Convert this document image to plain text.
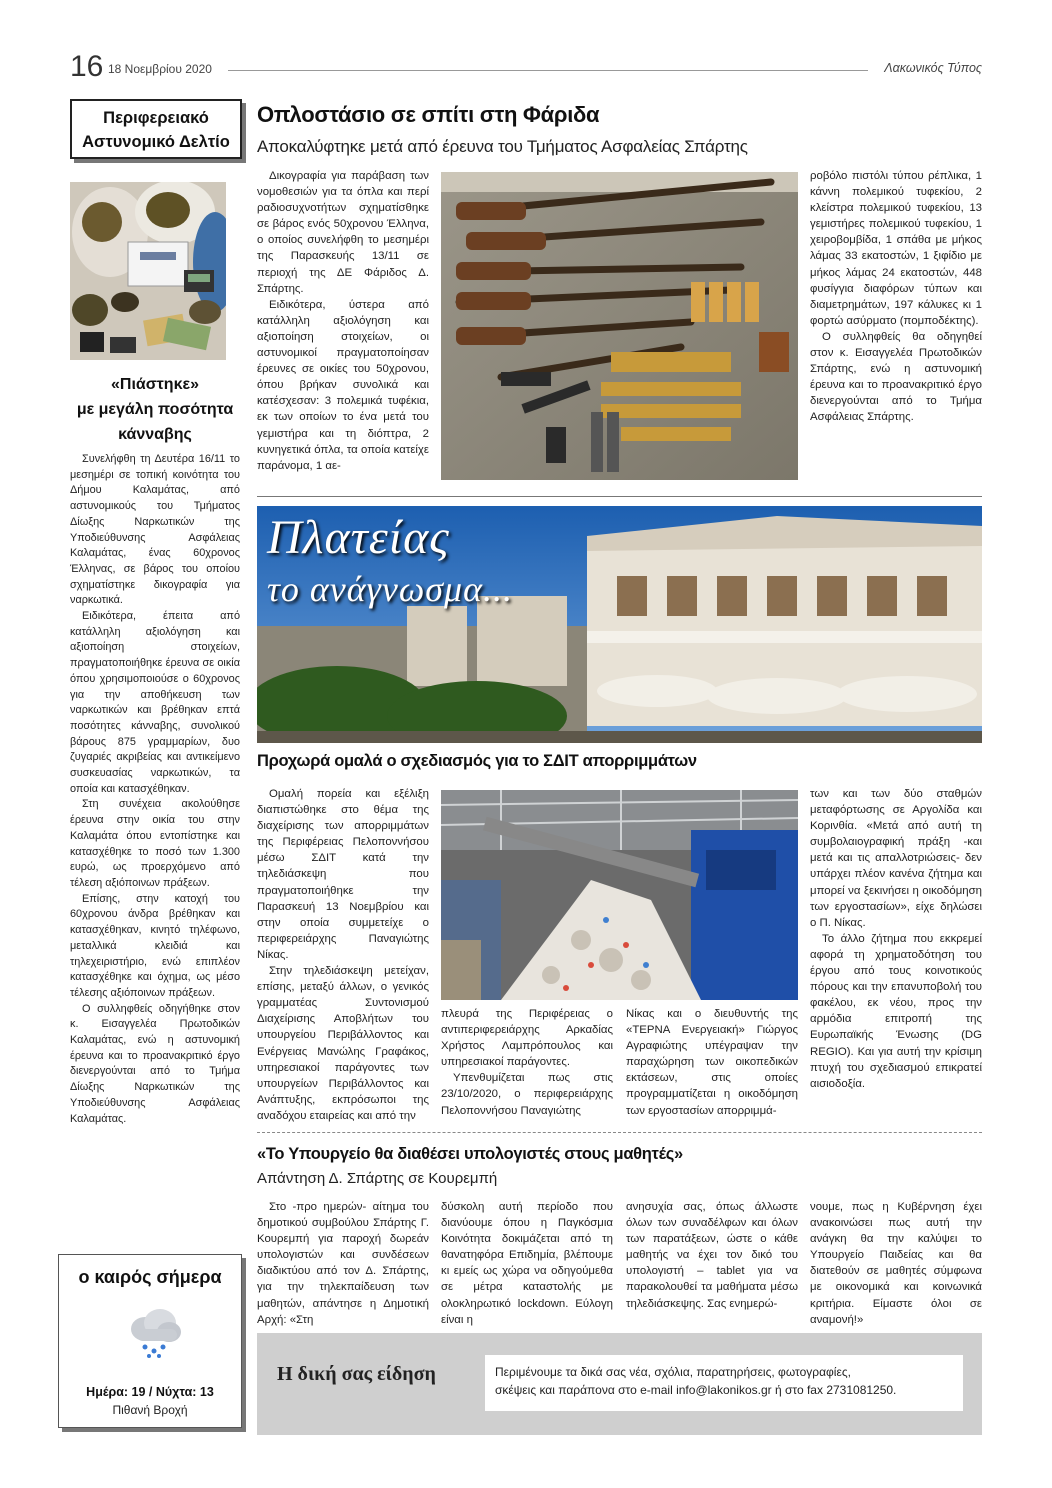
16 18 Νοεμβρίου 2020	Λακωνικός Τύπος
Περιφερειακό
Αστυνομικό Δελτίο
«Πιάστηκε»
με μεγάλη ποσότητα
κάνναβης

Συνελήφθη τη Δευτέρα 16/11 το μεσημέρι σε τοπική κοινότητα του Δήμου Καλαμάτας, από αστυνομικούς του Τμήματος Δίωξης Ναρκωτικών της Υποδιεύθυνσης Ασφάλειας Καλαμάτας, ένας 60χρονος Έλληνας, σε βάρος του οποίου σχηματίστηκε δικογραφία για ναρκωτικά.

Ειδικότερα, έπειτα από κατάλληλη αξιολόγηση και αξιοποίηση στοιχείων, πραγματοποιήθηκε έρευνα σε οικία όπου χρησιμοποιούσε ο 60χρονος για την αποθήκευση των ναρκωτικών και βρέθηκαν επτά ποσότητες κάνναβης, συνολικού βάρους 875 γραμμαρίων, δυο ζυγαριές ακριβείας και αντικείμενο συσκευασίας ναρκωτικών, τα οποία και κατασχέθηκαν.

Στη συνέχεια ακολούθησε έρευνα στην οικία του στην Καλαμάτα όπου εντοπίστηκε και κατασχέθηκε το ποσό των 1.300 ευρώ, ως προερχόμενο από τέλεση αξιόποινων πράξεων.

Επίσης, στην κατοχή του 60χρονου άνδρα βρέθηκαν και κατασχέθηκαν, κινητό τηλέφωνο, μεταλλικά κλειδιά και τηλεχειριστήριο, ενώ επιπλέον κατασχέθηκε και όχημα, ως μέσο τέλεσης αξιόποινων πράξεων.

Ο συλληφθείς οδηγήθηκε στον κ. Εισαγγελέα Πρωτοδικών Καλαμάτας, ενώ η αστυνομική έρευνα και το προανακριτικό έργο διενεργούνται από το Τμήμα Δίωξης Ναρκωτικών της Υποδιεύθυνσης Ασφάλειας Καλαμάτας.

ο καιρός σήμερα
Ημέρα: 19 / Νύχτα: 13
Πιθανή Βροχή
Οπλοστάσιο σε σπίτι στη Φάριδα
Αποκαλύφτηκε μετά από έρευνα του Τμήματος Ασφαλείας Σπάρτης

Δικογραφία για παράβαση των νομοθεσιών για τα όπλα και περί ραδιοσυχνοτήτων σχηματίσθηκε σε βάρος ενός 50χρονου Έλληνα, ο οποίος συνελήφθη το μεσημέρι της Παρασκευής 13/11 σε περιοχή της ΔΕ Φάριδος Δ. Σπάρτης.

Ειδικότερα, ύστερα από κατάλληλη αξιολόγηση και αξιοποίηση στοιχείων, οι αστυνομικοί πραγματοποίησαν έρευνες σε οικίες του 50χρονου, όπου βρήκαν συνολικά και κατέσχεσαν: 3 πολεμικά τυφέκια, εκ των οποίων το ένα μετά του γεμιστήρα και τη διόπτρα, 2 κυνηγετικά όπλα, τα οποία κατείχε παράνομα, 1 αε-

ροβόλο πιστόλι τύπου ρέπλικα, 1 κάννη πολεμικού τυφεκίου, 2 κλείστρα πολεμικού τυφεκίου, 13 γεμιστήρες πολεμικού τυφεκίου, 1 χειροβομβίδα, 1 σπάθα με μήκος λάμας 33 εκατοστών, 1 ξιφίδιο με μήκος λάμας 24 εκατοστών, 448 φυσίγγια διαφόρων τύπων και διαμετρημάτων, 197 κάλυκες κι 1 φορτώ ασύρματο (πομποδέκτης).

Ο συλληφθείς θα οδηγηθεί στον κ. Εισαγγελέα Πρωτοδικών Σπάρτης, ενώ η αστυνομική έρευνα και το προανακριτικό έργο διενεργούνται από το Τμήμα Ασφάλειας Σπάρτης.

Πλατείας
το ανάγνωσμα...
Προχωρά ομαλά ο σχεδιασμός για το ΣΔΙΤ απορριμμάτων

Ομαλή πορεία και εξέλιξη διαπιστώθηκε στο θέμα της διαχείρισης των απορριμμάτων της Περιφέρειας Πελοποννήσου μέσω ΣΔΙΤ κατά την τηλεδιάσκεψη που πραγματοποιήθηκε την Παρασκευή 13 Νοεμβρίου και στην οποία συμμετείχε ο περιφερειάρχης Παναγιώτης Νίκας.

Στην τηλεδιάσκεψη μετείχαν, επίσης, μεταξύ άλλων, ο γενικός γραμματέας Συντονισμού Διαχείρισης Αποβλήτων του υπουργείου Περιβάλλοντος και Ενέργειας Μανώλης Γραφάκος, υπηρεσιακοί παράγοντες των υπουργείων Περιβάλλοντος και Ανάπτυξης, εκπρόσωποι της αναδόχου εταιρείας και από την

πλευρά της Περιφέρειας ο αντιπεριφερειάρχης Αρκαδίας Χρήστος Λαμπρόπουλος και υπηρεσιακοί παράγοντες.

Υπενθυμίζεται πως στις 23/10/2020, ο περιφερειάρχης Πελοποννήσου Παναγιώτης

Νίκας και ο διευθυντής της «ΤΕΡΝΑ Ενεργειακή» Γιώργος Αγραφιώτης υπέγραψαν την παραχώρηση των οικοπεδικών εκτάσεων, στις οποίες προγραμματίζεται η οικοδόμηση των εργοστασίων απορριμμά-

των και των δύο σταθμών μεταφόρτωσης σε Αργολίδα και Κορινθία. «Μετά από αυτή τη συμβολαιογραφική πράξη -και μετά και τις απαλλοτριώσεις- δεν υπάρχει πλέον κανένα ζήτημα και μπορεί να ξεκινήσει η οικοδόμηση των εργοστασίων», είχε δηλώσει ο Π. Νίκας.

Το άλλο ζήτημα που εκκρεμεί αφορά τη χρηματοδότηση του έργου από τους κοινοτικούς πόρους και την επανυποβολή του φακέλου, εκ νέου, προς την αρμόδια επιτροπή της Ευρωπαϊκής Ένωσης (DG REGIO). Και για αυτή την κρίσιμη πτυχή του σχεδιασμού επικρατεί αισιοδοξία.

«Το Υπουργείο θα διαθέσει υπολογιστές στους μαθητές»
Απάντηση Δ. Σπάρτης σε Κουρεμπή

Στο -προ ημερών- αίτημα του δημοτικού συμβούλου Σπάρτης Γ. Κουρεμπή για παροχή δωρεάν υπολογιστών και συνδέσεων διαδικτύου από τον Δ. Σπάρτης, για την τηλεκπαίδευση των μαθητών, απάντησε η Δημοτική Αρχή: «Στη

δύσκολη αυτή περίοδο που διανύουμε όπου η Παγκόσμια Κοινότητα δοκιμάζεται από τη θανατηφόρα Επιδημία, βλέπουμε κι εμείς ως χώρα να οδηγούμεθα σε μέτρα καταστολής με ολοκληρωτικό lockdown. Εύλογη είναι η

ανησυχία σας, όπως άλλωστε όλων των συναδέλφων και όλων των παρατάξεων, ώστε ο κάθε μαθητής να έχει τον δικό του υπολογιστή – tablet για να παρακολουθεί τα μαθήματα μέσω τηλεδιάσκεψης. Σας ενημερώ-

νουμε, πως η Κυβέρνηση έχει ανακοινώσει πως αυτή την ανάγκη θα την καλύψει το Υπουργείο Παιδείας και θα διατεθούν σε μαθητές σύμφωνα με οικονομικά και κοινωνικά κριτήρια. Είμαστε όλοι σε αναμονή!»

Η δική σας είδηση	Περιμένουμε τα δικά σας νέα, σχόλια, παρατηρήσεις, φωτογραφίες,
σκέψεις και παράπονα στο e-mail info@lakonikos.gr ή στο fax 2731081250.
